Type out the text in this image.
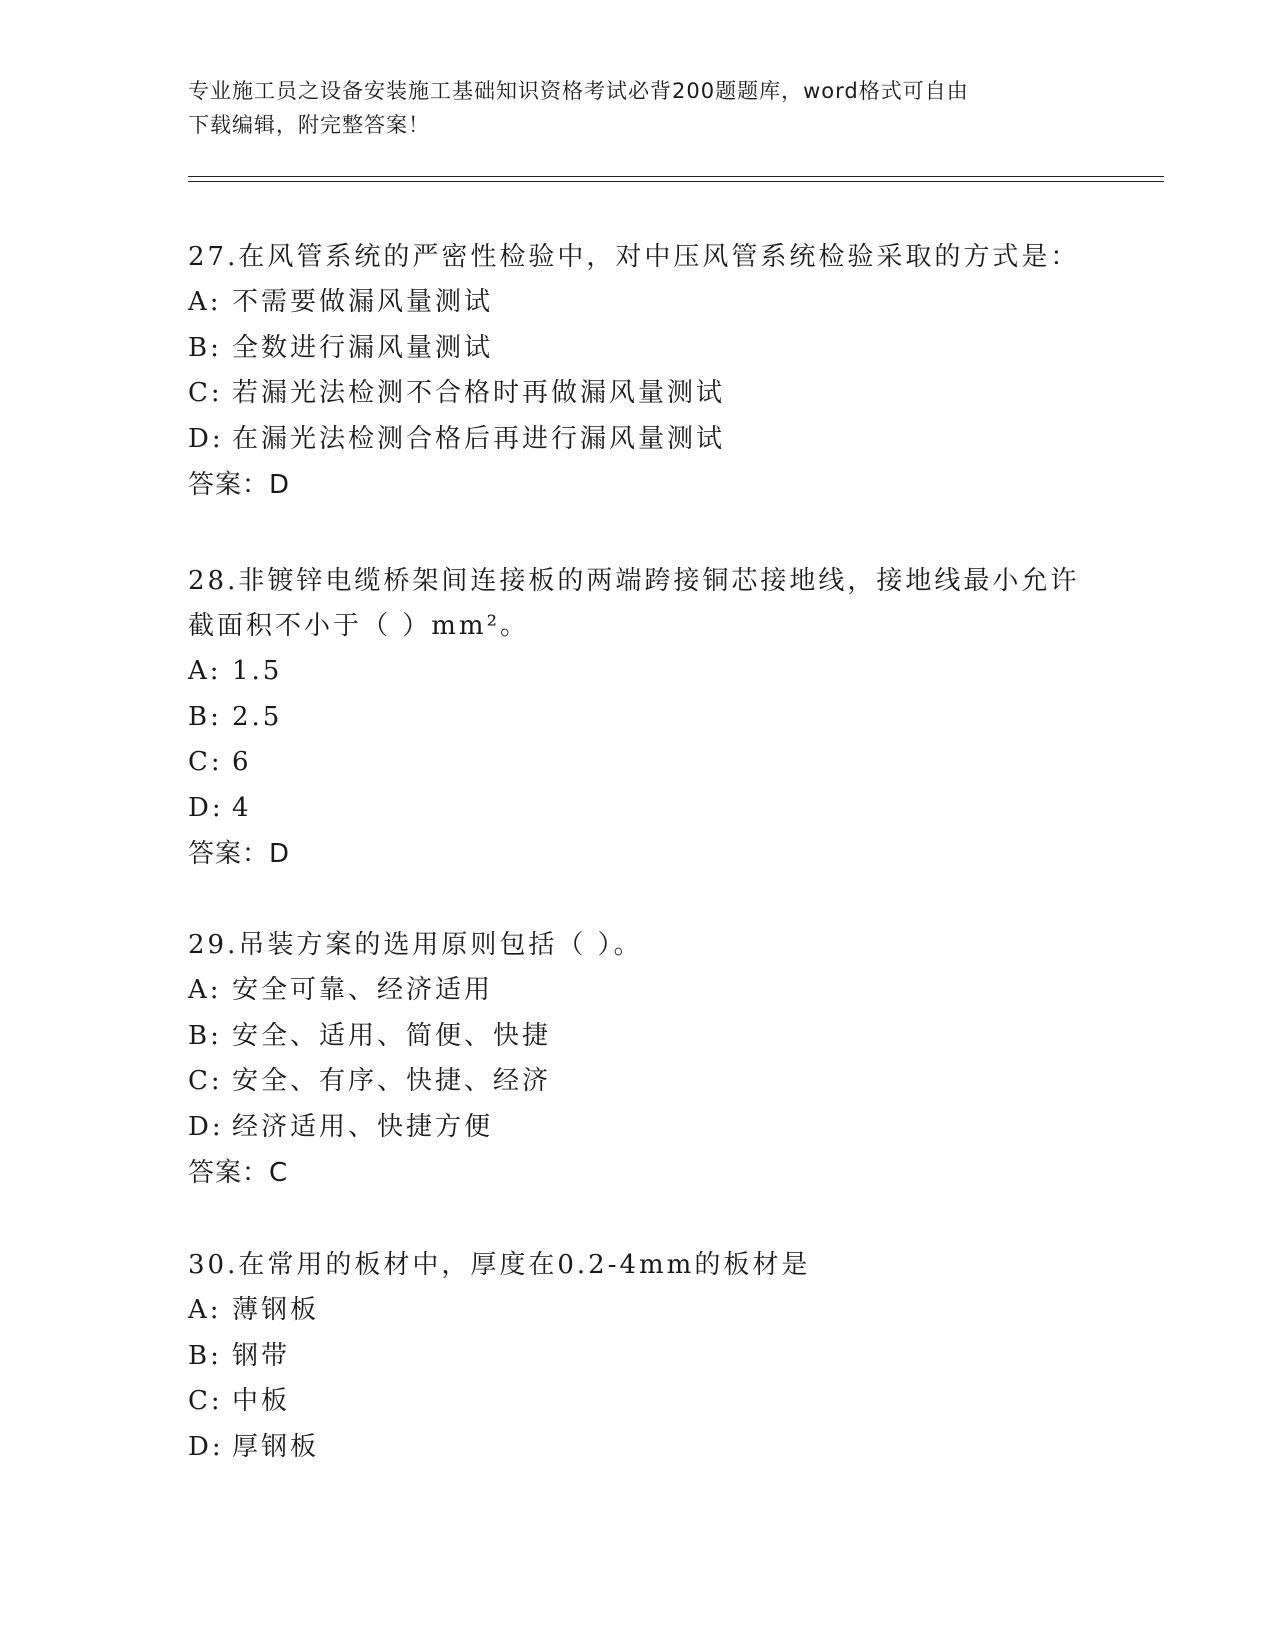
专业施工员之设备安装施工基础知识资格考试必背200题题库，word格式可自由
下载编辑，附完整答案！

27.在风管系统的严密性检验中，对中压风管系统检验采取的方式是：

A: 不需要做漏风量测试

B: 全数进行漏风量测试

C: 若漏光法检测不合格时再做漏风量测试

D: 在漏光法检测合格后再进行漏风量测试

答案：D

28.非镀锌电缆桥架间连接板的两端跨接铜芯接地线，接地线最小允许截面积不小于（ ）mm²。

A: 1.5

B: 2.5

C: 6

D: 4

答案：D

29.吊装方案的选用原则包括（ ）。

A: 安全可靠、经济适用

B: 安全、适用、简便、快捷

C: 安全、有序、快捷、经济

D: 经济适用、快捷方便

答案：C

30.在常用的板材中，厚度在0.2-4mm的板材是

A: 薄钢板

B: 钢带

C: 中板

D: 厚钢板
